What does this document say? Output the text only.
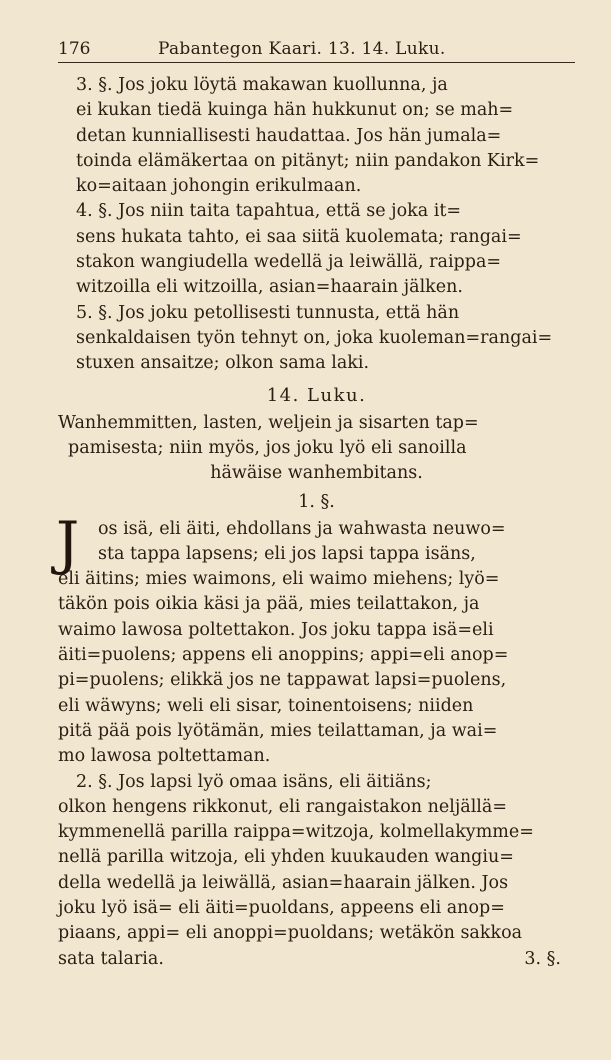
176	Pabantegon Kaari. 13. 14. Luku.

3. §. Jos joku löytä makawan kuollunna, ja
ei kukan tiedä kuinga hän hukkunut on; se mah=
detan kunniallisesti haudattaa. Jos hän jumala=
toinda elämäkertaa on pitänyt; niin pandakon Kirk=
ko=aitaan johongin erikulmaan.

4. §. Jos niin taita tapahtua, että se joka it=
sens hukata tahto, ei saa siitä kuolemata; rangai=
stakon wangiudella wedellä ja leiwällä, raippa=
witzoilla eli witzoilla, asian=haarain jälken.

5. §. Jos joku petollisesti tunnusta, että hän
senkaldaisen työn tehnyt on, joka kuoleman=rangai=
stuxen ansaitze; olkon sama laki.

14. Luku.
Wanhemmitten, lasten, weljein ja sisarten tap=
pamisesta; niin myös, jos joku lyö eli sanoilla
häwäise wanhembitans.
1. §.
J	os isä, eli äiti, ehdollans ja wahwasta neuwo=
sta tappa lapsens; eli jos lapsi tappa isäns,
eli äitins; mies waimons, eli waimo miehens; lyö=
täkön pois oikia käsi ja pää, mies teilattakon, ja
waimo lawosa poltettakon. Jos joku tappa isä=eli
äiti=puolens; appens eli anoppins; appi=eli anop=
pi=puolens; elikkä jos ne tappawat lapsi=puolens,
eli wäwyns; weli eli sisar, toinentoisens; niiden
pitä pää pois lyötämän, mies teilattaman, ja wai=
mo lawosa poltettaman.
2. §. Jos lapsi lyö omaa isäns, eli äitiäns;
olkon hengens rikkonut, eli rangaistakon neljällä=
kymmenellä parilla raippa=witzoja, kolmellakymme=
nellä parilla witzoja, eli yhden kuukauden wangiu=
della wedellä ja leiwällä, asian=haarain jälken. Jos
joku lyö isä= eli äiti=puoldans, appeens eli anop=
piaans, appi= eli anoppi=puoldans; wetäkön sakkoa
sata talaria.	3. §.
